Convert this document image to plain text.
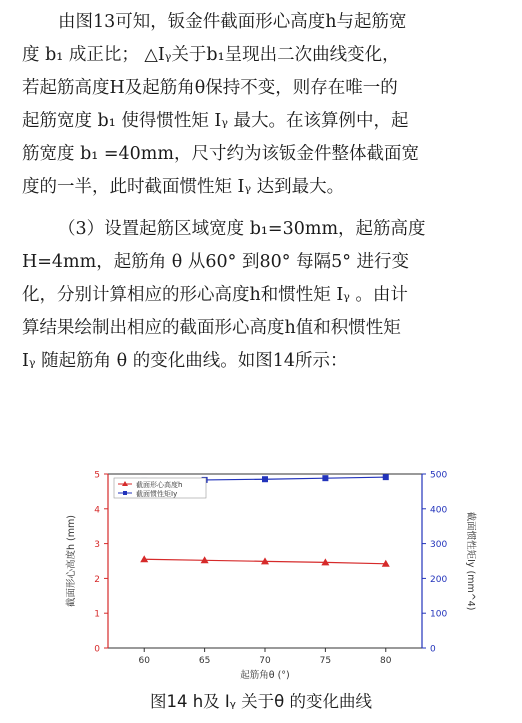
由图13可知，钣金件截面形心高度h与起筋宽
度 b₁ 成正比； △Iᵧ关于b₁呈现出二次曲线变化，
若起筋高度H及起筋角θ保持不变，则存在唯一的
起筋宽度 b₁ 使得惯性矩 Iᵧ 最大。在该算例中，起
筋宽度 b₁ =40mm，尺寸约为该钣金件整体截面宽
度的一半，此时截面惯性矩 Iᵧ 达到最大。
（3）设置起筋区域宽度 b₁=30mm，起筋高度
H=4mm，起筋角 θ 从60° 到80° 每隔5° 进行变
化，分别计算相应的形心高度h和惯性矩 Iᵧ 。由计
算结果绘制出相应的截面形心高度h值和积惯性矩
Iᵧ 随起筋角 θ 的变化曲线。如图14所示：
0
1
2
3
4
5
截面形心高度h (mm)
0
100
200
300
400
500
截面惯性矩Iy (mm^4)
60	65	70	75	80
起筋角θ (°)
截面形心高度h
截面惯性矩Iy
图14 h及 Iᵧ 关于θ 的变化曲线
